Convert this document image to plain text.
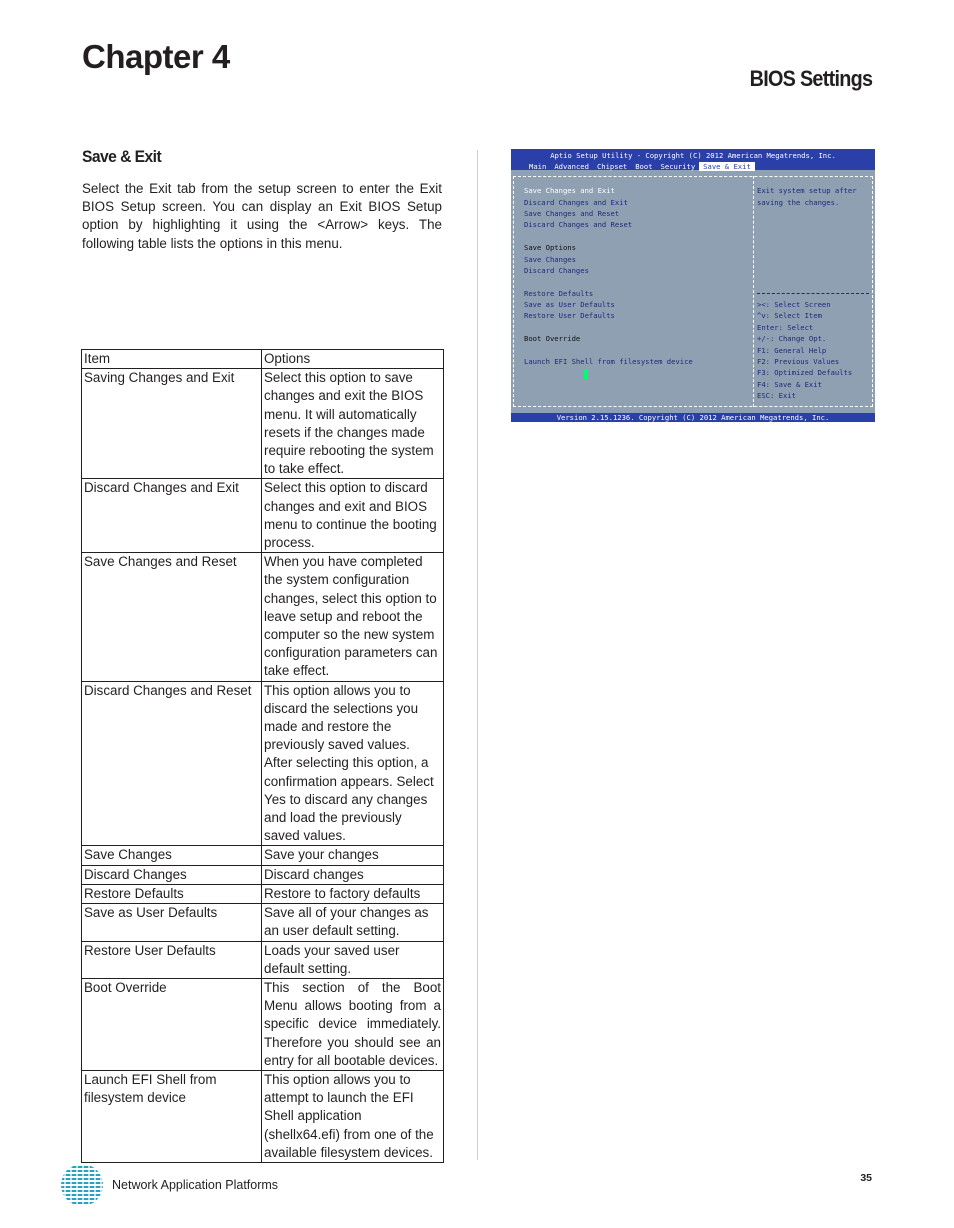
Chapter 4
BIOS Settings
Save & Exit

Select the Exit tab from the setup screen to enter the Exit BIOS Setup screen. You can display an Exit BIOS Setup option by highlighting it using the <Arrow> keys. The following table lists the options in this menu.

Item	Options
Saving Changes and Exit	Select this option to save changes and exit the BIOS menu. It will automatically resets if the changes made require rebooting the system to take effect.
Discard Changes and Exit	Select this option to discard changes and exit and BIOS menu to continue the booting process.
Save Changes and Reset	When you have completed the system configuration changes, select this option to leave setup and reboot the computer so the new system configuration parameters can take effect.
Discard Changes and Reset	This option allows you to discard the selections you made and restore the previously saved values. After selecting this option, a confirmation appears. Select Yes to discard any changes and load the previously saved values.
Save Changes	Save your changes
Discard Changes	Discard changes
Restore Defaults	Restore to factory defaults
Save as User Defaults	Save all of your changes as an user default setting.
Restore User Defaults	Loads your saved user default setting.
Boot Override	This section of the Boot Menu allows booting from a specific device immediately. Therefore you should see an entry for all bootable devices.
Launch EFI Shell from filesystem device	This option allows you to attempt to launch the EFI Shell application (shellx64.efi) from one of the available filesystem devices.
Aptio Setup Utility - Copyright (C) 2012 American Megatrends, Inc.
Main	Advanced	Chipset	Boot	Security	Save & Exit
Save Changes and Exit
Discard Changes and Exit
Save Changes and Reset
Discard Changes and Reset
Save Options
Save Changes
Discard Changes
Restore Defaults
Save as User Defaults
Restore User Defaults
Boot Override
Launch EFI Shell from filesystem device
Exit system setup after
saving the changes.
><: Select Screen
^v: Select Item
Enter: Select
+/-: Change Opt.
F1: General Help
F2: Previous Values
F3: Optimized Defaults
F4: Save & Exit
ESC: Exit
Version 2.15.1236. Copyright (C) 2012 American Megatrends, Inc.

Network Application Platforms	35
